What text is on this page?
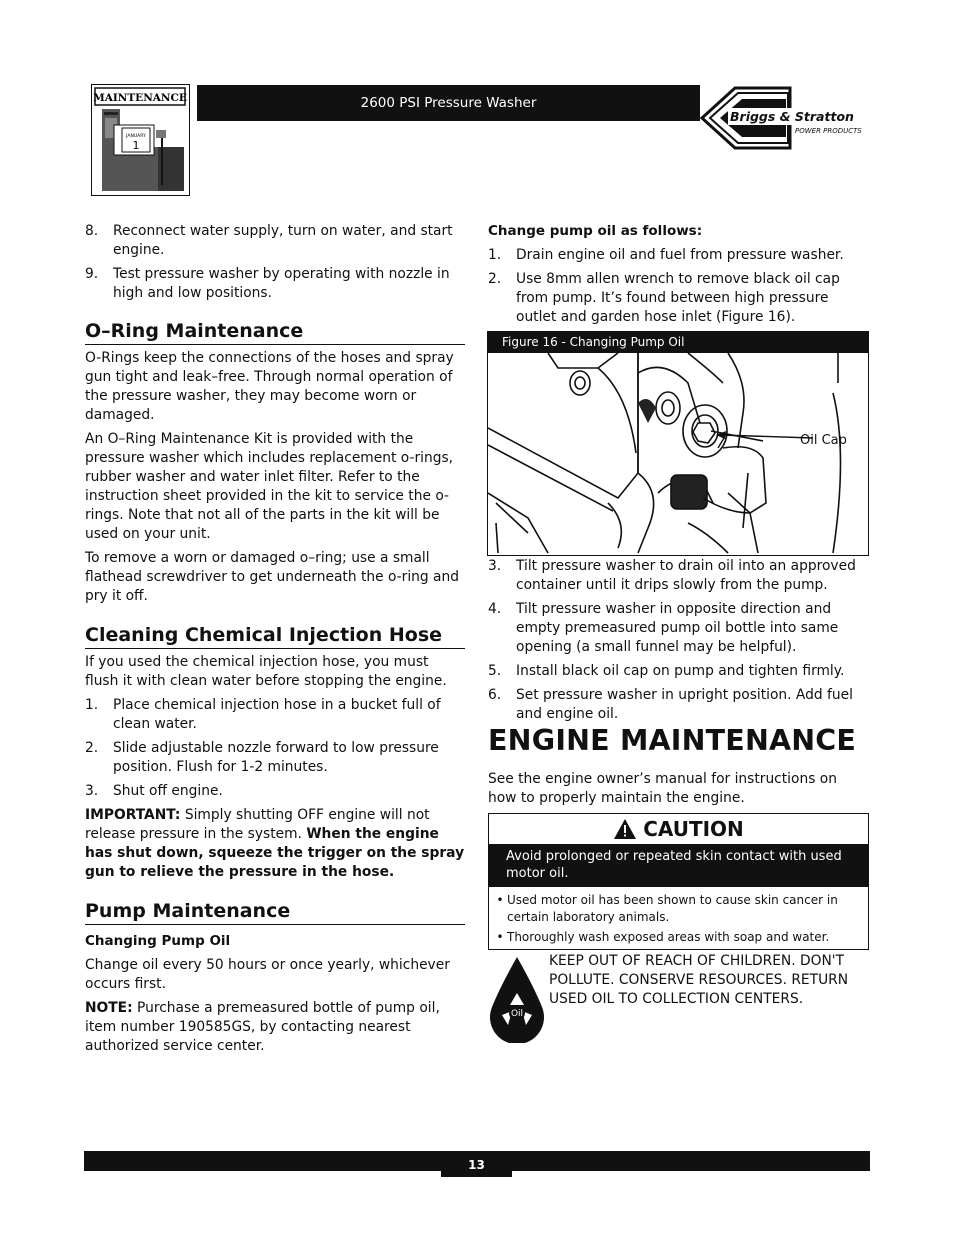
MAINTENANCE
JANUARY
1
2600 PSI Pressure Washer
Briggs & Stratton
POWER PRODUCTS
8.	Reconnect water supply, turn on water, and start engine.
9.	Test pressure washer by operating with nozzle in high and low positions.
O–Ring Maintenance

O-Rings keep the connections of the hoses and spray gun tight and leak–free. Through normal operation of the pressure washer, they may become worn or damaged.

An O–Ring Maintenance Kit is provided with the pressure washer which includes replacement o-rings, rubber washer and water inlet filter. Refer to the instruction sheet provided in the kit to service the o-rings. Note that not all of the parts in the kit will be used on your unit.

To remove a worn or damaged o–ring; use a small flathead screwdriver to get underneath the o-ring and pry it off.

Cleaning Chemical Injection Hose

If you used the chemical injection hose, you must flush it with clean water before stopping the engine.

1.	Place chemical injection hose in a bucket full of clean water.
2.	Slide adjustable nozzle forward to low pressure position. Flush for 1-2 minutes.
3.	Shut off engine.

IMPORTANT: Simply shutting OFF engine will not release pressure in the system. When the engine has shut down, squeeze the trigger on the spray gun to relieve the pressure in the hose.

Pump Maintenance

Changing Pump Oil

Change oil every 50 hours or once yearly, whichever occurs first.

NOTE: Purchase a premeasured bottle of pump oil, item number 190585GS, by contacting nearest authorized service center.

Change pump oil as follows:

1.	Drain engine oil and fuel from pressure washer.
2.	Use 8mm allen wrench to remove black oil cap from pump. It’s found between high pressure outlet and garden hose inlet (Figure 16).
Figure 16 - Changing Pump Oil
Oil Cap
3.	Tilt pressure washer to drain oil into an approved container until it drips slowly from the pump.
4.	Tilt pressure washer in opposite direction and empty premeasured pump oil bottle into same opening (a small funnel may be helpful).
5.	Install black oil cap on pump and tighten firmly.
6.	Set pressure washer in upright position. Add fuel and engine oil.
ENGINE MAINTENANCE

See the engine owner’s manual for instructions on how to properly maintain the engine.

CAUTION
Avoid prolonged or repeated skin contact with used motor oil.
• Used motor oil has been shown to cause skin cancer in certain laboratory animals.
• Thoroughly wash exposed areas with soap and water.
Oil

KEEP OUT OF REACH OF CHILDREN. DON'T POLLUTE. CONSERVE RESOURCES. RETURN USED OIL TO COLLECTION CENTERS.

13
